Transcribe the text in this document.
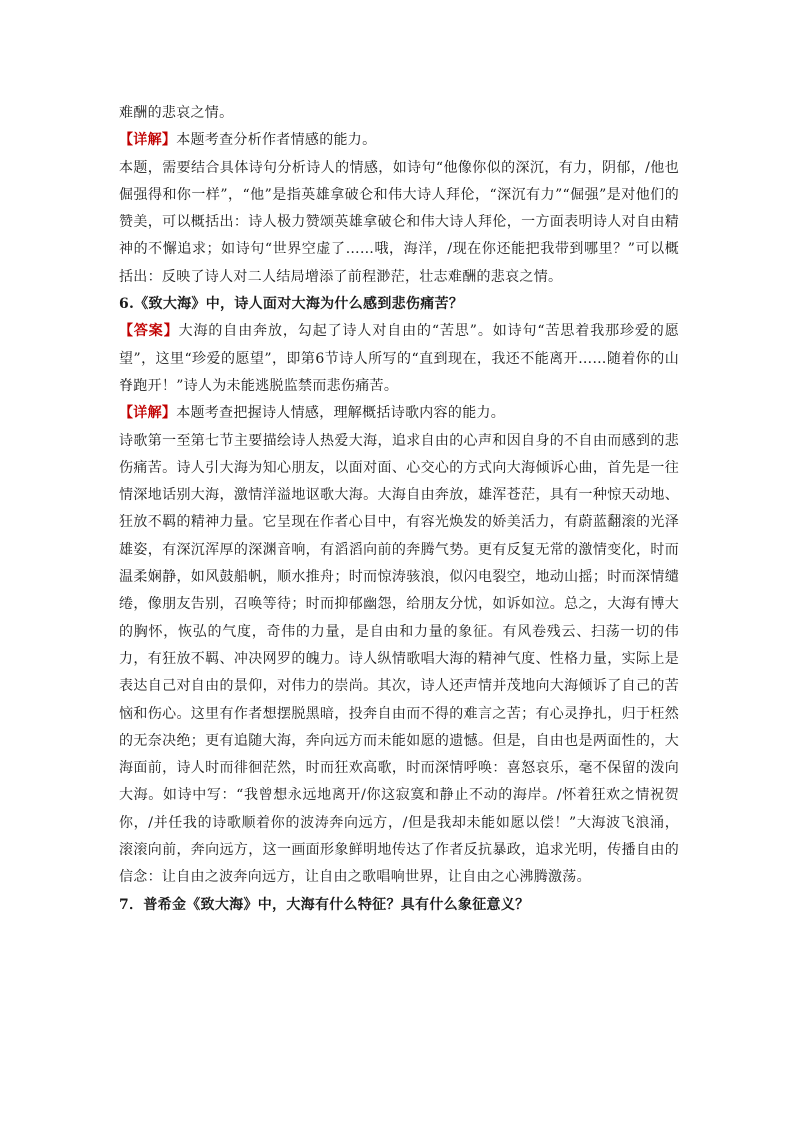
难酬的悲哀之情。

【详解】本题考查分析作者情感的能力。

本题，需要结合具体诗句分析诗人的情感，如诗句“他像你似的深沉，有力，阴郁，/他也倔强得和你一样”，“他”是指英雄拿破仑和伟大诗人拜伦，“深沉有力”“倔强”是对他们的赞美，可以概括出：诗人极力赞颂英雄拿破仑和伟大诗人拜伦，一方面表明诗人对自由精神的不懈追求；如诗句“世界空虚了……哦，海洋，/现在你还能把我带到哪里？”可以概括出：反映了诗人对二人结局增添了前程渺茫，壮志难酬的悲哀之情。

6.《致大海》中，诗人面对大海为什么感到悲伤痛苦？

【答案】大海的自由奔放，勾起了诗人对自由的“苦思”。如诗句“苦思着我那珍爱的愿望”，这里“珍爱的愿望”，即第6节诗人所写的“直到现在，我还不能离开……随着你的山脊跑开！”诗人为未能逃脱监禁而悲伤痛苦。

【详解】本题考查把握诗人情感，理解概括诗歌内容的能力。

诗歌第一至第七节主要描绘诗人热爱大海，追求自由的心声和因自身的不自由而感到的悲伤痛苦。诗人引大海为知心朋友，以面对面、心交心的方式向大海倾诉心曲，首先是一往情深地话别大海，激情洋溢地讴歌大海。大海自由奔放，雄浑苍茫，具有一种惊天动地、狂放不羁的精神力量。它呈现在作者心目中，有容光焕发的娇美活力，有蔚蓝翻滚的光泽雄姿，有深沉浑厚的深渊音响，有滔滔向前的奔腾气势。更有反复无常的激情变化，时而温柔娴静，如风鼓船帆，顺水推舟；时而惊涛骇浪，似闪电裂空，地动山摇；时而深情缱绻，像朋友告别，召唤等待；时而抑郁幽怨，给朋友分忧，如诉如泣。总之，大海有博大的胸怀，恢弘的气度，奇伟的力量，是自由和力量的象征。有风卷残云、扫荡一切的伟力，有狂放不羁、冲决网罗的魄力。诗人纵情歌唱大海的精神气度、性格力量，实际上是表达自己对自由的景仰，对伟力的崇尚。其次，诗人还声情并茂地向大海倾诉了自己的苦恼和伤心。这里有作者想摆脱黑暗，投奔自由而不得的难言之苦；有心灵挣扎，归于枉然的无奈决绝；更有追随大海，奔向远方而未能如愿的遗憾。但是，自由也是两面性的，大海面前，诗人时而徘徊茫然，时而狂欢高歌，时而深情呼唤：喜怒哀乐，毫不保留的泼向大海。如诗中写：“我曾想永远地离开/你这寂寞和静止不动的海岸。/怀着狂欢之情祝贺你，/并任我的诗歌顺着你的波涛奔向远方，/但是我却未能如愿以偿！”大海波飞浪涌，滚滚向前，奔向远方，这一画面形象鲜明地传达了作者反抗暴政，追求光明，传播自由的信念：让自由之波奔向远方，让自由之歌唱响世界，让自由之心沸腾激荡。

7．普希金《致大海》中，大海有什么特征？具有什么象征意义？
